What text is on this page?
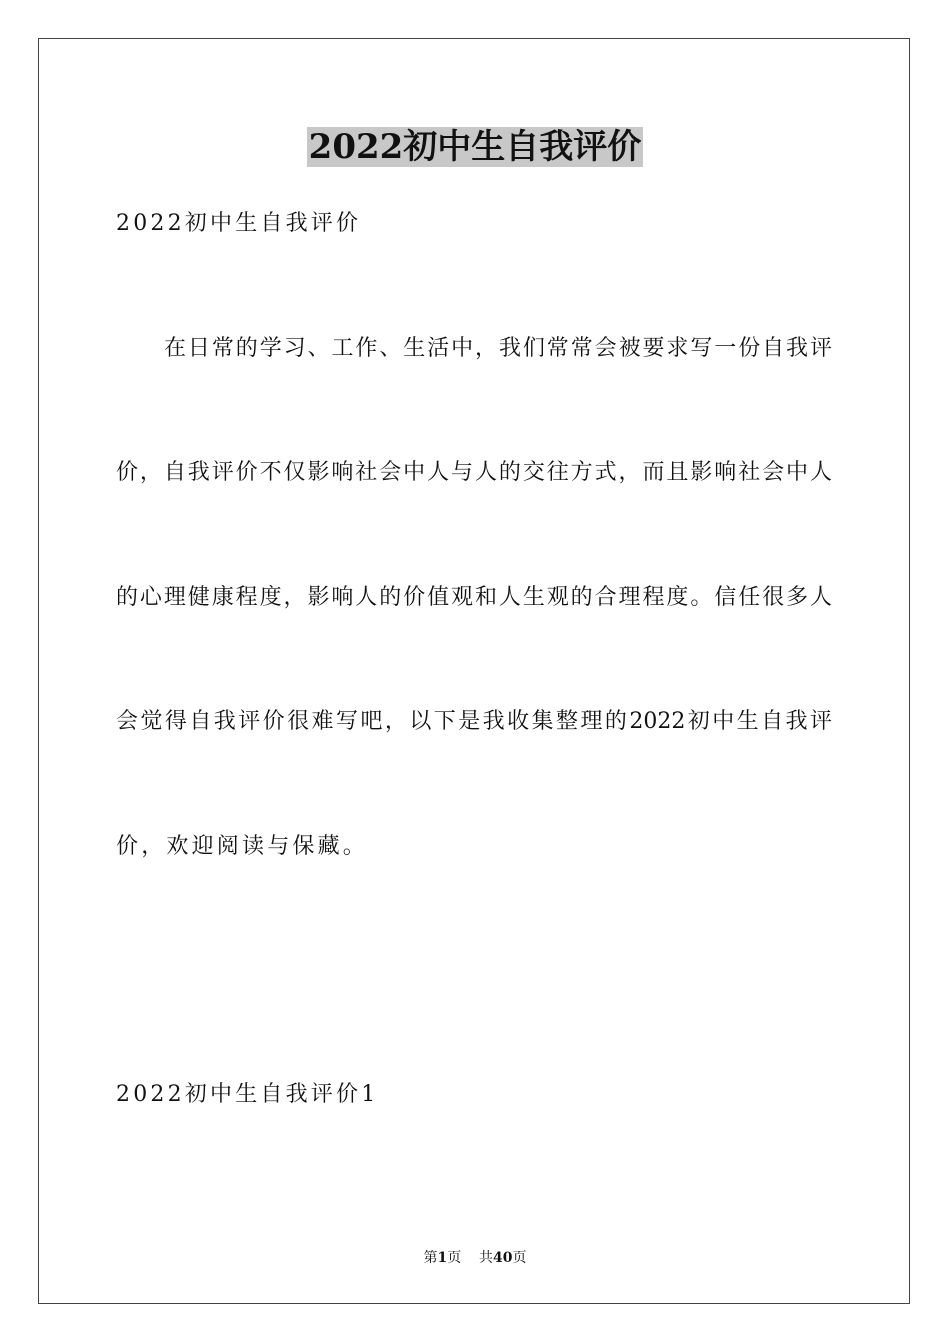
2022初中生自我评价
2022初中生自我评价
在日常的学习、工作、生活中，我们常常会被要求写一份自我评
价，自我评价不仅影响社会中人与人的交往方式，而且影响社会中人
的心理健康程度，影响人的价值观和人生观的合理程度。信任很多人
会觉得自我评价很难写吧，以下是我收集整理的2022初中生自我评
价，欢迎阅读与保藏。
2022初中生自我评价1
第1页 共40页
